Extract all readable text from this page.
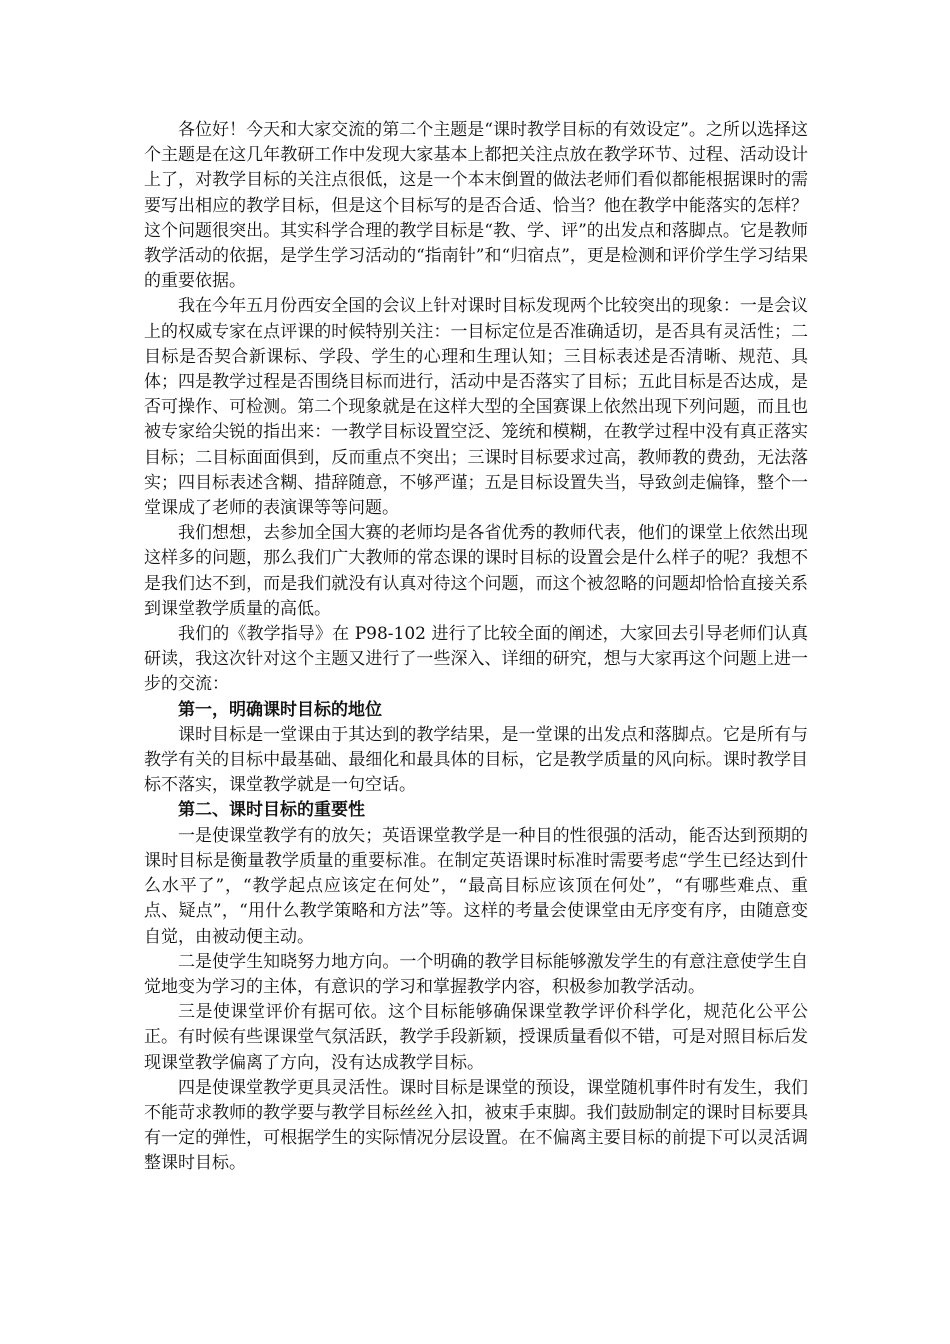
各位好！今天和大家交流的第二个主题是“课时教学目标的有效设定”。之所以选择这个主题是在这几年教研工作中发现大家基本上都把关注点放在教学环节、过程、活动设计上了，对教学目标的关注点很低，这是一个本末倒置的做法老师们看似都能根据课时的需要写出相应的教学目标，但是这个目标写的是否合适、恰当？他在教学中能落实的怎样？这个问题很突出。其实科学合理的教学目标是“教、学、评”的出发点和落脚点。它是教师教学活动的依据，是学生学习活动的“指南针”和“归宿点”，更是检测和评价学生学习结果的重要依据。

我在今年五月份西安全国的会议上针对课时目标发现两个比较突出的现象：一是会议上的权威专家在点评课的时候特别关注：一目标定位是否准确适切，是否具有灵活性；二目标是否契合新课标、学段、学生的心理和生理认知；三目标表述是否清晰、规范、具体；四是教学过程是否围绕目标而进行，活动中是否落实了目标；五此目标是否达成，是否可操作、可检测。第二个现象就是在这样大型的全国赛课上依然出现下列问题，而且也被专家给尖锐的指出来：一教学目标设置空泛、笼统和模糊，在教学过程中没有真正落实目标；二目标面面俱到，反而重点不突出；三课时目标要求过高，教师教的费劲，无法落实；四目标表述含糊、措辞随意，不够严谨；五是目标设置失当，导致剑走偏锋，整个一堂课成了老师的表演课等等问题。

我们想想，去参加全国大赛的老师均是各省优秀的教师代表，他们的课堂上依然出现这样多的问题，那么我们广大教师的常态课的课时目标的设置会是什么样子的呢？我想不是我们达不到，而是我们就没有认真对待这个问题，而这个被忽略的问题却恰恰直接关系到课堂教学质量的高低。

我们的《教学指导》在 P98-102 进行了比较全面的阐述，大家回去引导老师们认真研读，我这次针对这个主题又进行了一些深入、详细的研究，想与大家再这个问题上进一步的交流：

第一，明确课时目标的地位

课时目标是一堂课由于其达到的教学结果，是一堂课的出发点和落脚点。它是所有与教学有关的目标中最基础、最细化和最具体的目标，它是教学质量的风向标。课时教学目标不落实，课堂教学就是一句空话。

第二、课时目标的重要性

一是使课堂教学有的放矢；英语课堂教学是一种目的性很强的活动，能否达到预期的课时目标是衡量教学质量的重要标准。在制定英语课时标准时需要考虑“学生已经达到什么水平了”，“教学起点应该定在何处”，“最高目标应该顶在何处”，“有哪些难点、重点、疑点”，“用什么教学策略和方法”等。这样的考量会使课堂由无序变有序，由随意变自觉，由被动便主动。

二是使学生知晓努力地方向。一个明确的教学目标能够激发学生的有意注意使学生自觉地变为学习的主体，有意识的学习和掌握教学内容，积极参加教学活动。

三是使课堂评价有据可依。这个目标能够确保课堂教学评价科学化，规范化公平公正。有时候有些课课堂气氛活跃，教学手段新颖，授课质量看似不错，可是对照目标后发现课堂教学偏离了方向，没有达成教学目标。

四是使课堂教学更具灵活性。课时目标是课堂的预设，课堂随机事件时有发生，我们不能苛求教师的教学要与教学目标丝丝入扣，被束手束脚。我们鼓励制定的课时目标要具有一定的弹性，可根据学生的实际情况分层设置。在不偏离主要目标的前提下可以灵活调整课时目标。
